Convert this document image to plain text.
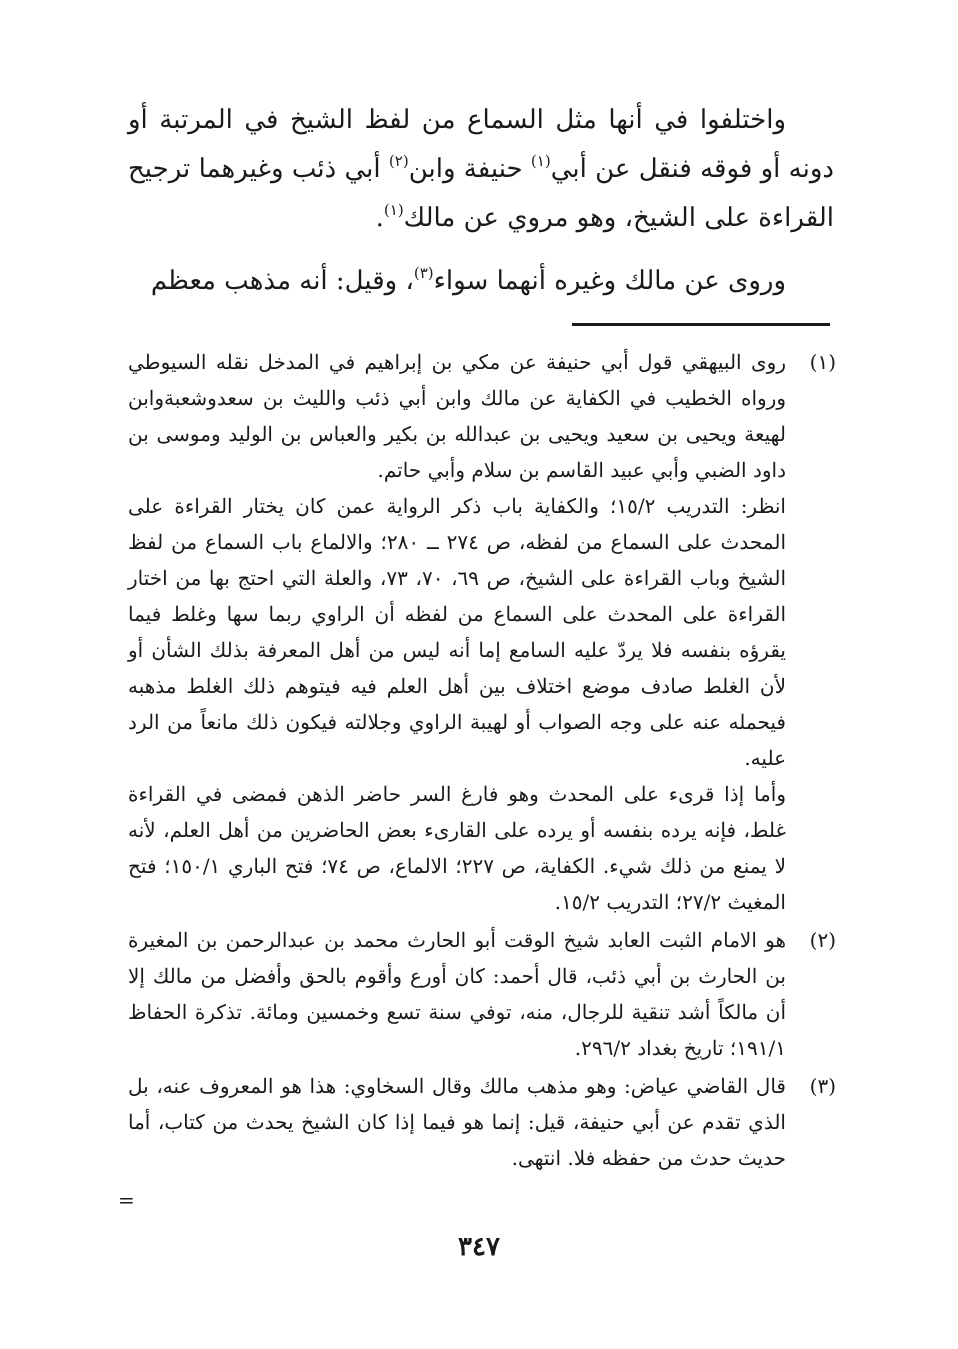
واختلفوا في أنها مثل السماع من لفظ الشيخ في المرتبة أو دونه أو فوقه فنقل عن أبي$^{(١)}$ حنيفة وابن$^{(٢)}$ أبي ذئب وغيرهما ترجيح القراءة على الشيخ، وهو مروي عن مالك$^{(١)}$.

وروى عن مالك وغيره أنهما سواء$^{(٣)}$، وقيل: أنه مذهب معظم

(١)

روى البيهقي قول أبي حنيفة عن مكي بن إبراهيم في المدخل نقله السيوطي ورواه الخطيب في الكفاية عن مالك وابن أبي ذئب والليث بن سعدوشعبةوابن لهيعة ويحيى بن سعيد ويحيى بن عبدالله بن بكير والعباس بن الوليد وموسى بن داود الضبي وأبي عبيد القاسم بن سلام وأبي حاتم.

انظر: التدريب ١٥/٢؛ والكفاية باب ذكر الرواية عمن كان يختار القراءة على المحدث على السماع من لفظه، ص ٢٧٤ ــ ٢٨٠؛ والالماع باب السماع من لفظ الشيخ وباب القراءة على الشيخ، ص ٦٩، ٧٠، ٧٣، والعلة التي احتج بها من اختار القراءة على المحدث على السماع من لفظه أن الراوي ربما سها وغلط فيما يقرؤه بنفسه فلا يردّ عليه السامع إما أنه ليس من أهل المعرفة بذلك الشأن أو لأن الغلط صادف موضع اختلاف بين أهل العلم فيه فيتوهم ذلك الغلط مذهبه فيحمله عنه على وجه الصواب أو لهيبة الراوي وجلالته فيكون ذلك مانعاً من الرد عليه.

وأما إذا قرىء على المحدث وهو فارغ السر حاضر الذهن فمضى في القراءة غلط، فإنه يرده بنفسه أو يرده على القارىء بعض الحاضرين من أهل العلم، لأنه لا يمنع من ذلك شيء. الكفاية، ص ٢٢٧؛ الالماع، ص ٧٤؛ فتح الباري ١٥٠/١؛ فتح المغيث ٢٧/٢؛ التدريب ١٥/٢.

(٢)

هو الامام الثبت العابد شيخ الوقت أبو الحارث محمد بن عبدالرحمن بن المغيرة بن الحارث بن أبي ذئب، قال أحمد: كان أورع وأقوم بالحق وأفضل من مالك إلا أن مالكاً أشد تنقية للرجال، منه، توفي سنة تسع وخمسين ومائة. تذكرة الحفاظ ١٩١/١؛ تاريخ بغداد ٢٩٦/٢.

(٣)

قال القاضي عياض: وهو مذهب مالك وقال السخاوي: هذا هو المعروف عنه، بل الذي تقدم عن أبي حنيفة، قيل: إنما هو فيما إذا كان الشيخ يحدث من كتاب، أما حديث حدث من حفظه فلا. انتهى.

=
٣٤٧
